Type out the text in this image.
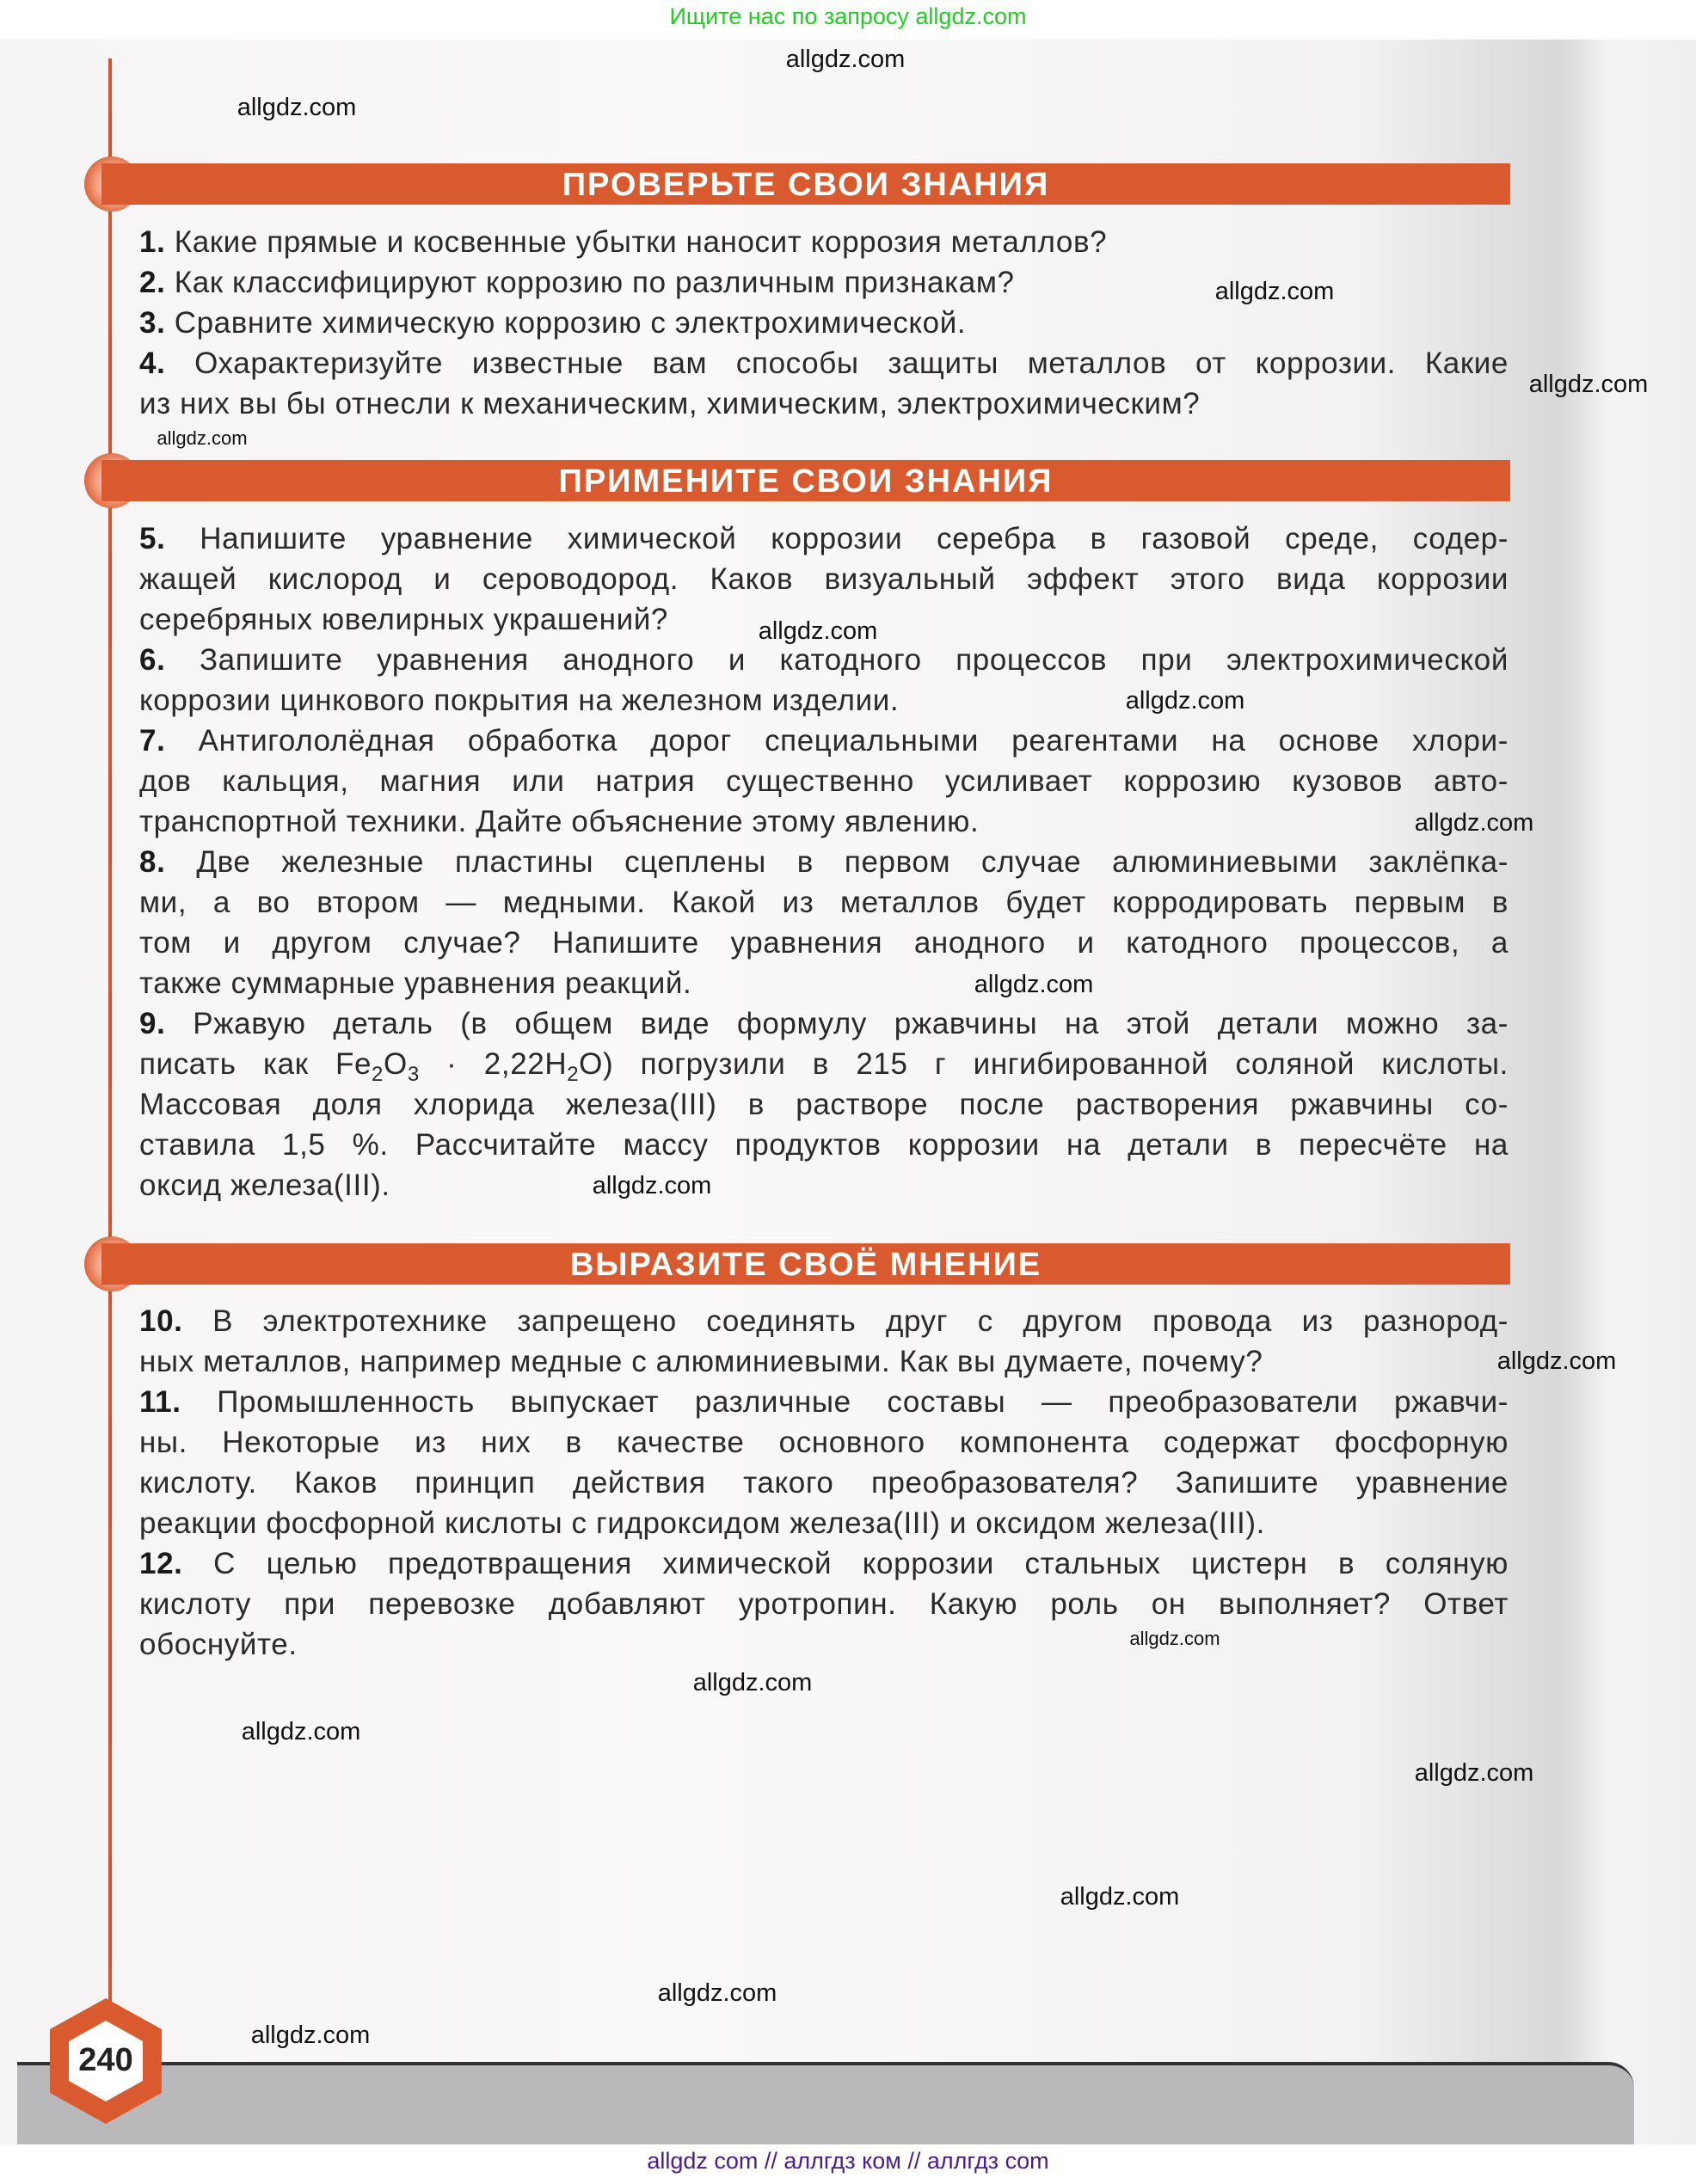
Ищите нас по запросу allgdz.com
ПРОВЕРЬТЕ СВОИ ЗНАНИЯ
1. Какие прямые и косвенные убытки наносит коррозия металлов?
2. Как классифицируют коррозию по различным признакам?
3. Сравните химическую коррозию с электрохимической.
4. Охарактеризуйте известные вам способы защиты металлов от коррозии. Какие
из них вы бы отнесли к механическим, химическим, электрохимическим?
ПРИМЕНИТЕ СВОИ ЗНАНИЯ
5. Напишите уравнение химической коррозии серебра в газовой среде, содер-
жащей кислород и сероводород. Каков визуальный эффект этого вида коррозии
серебряных ювелирных украшений?
6. Запишите уравнения анодного и катодного процессов при электрохимической
коррозии цинкового покрытия на железном изделии.
7. Антигололёдная обработка дорог специальными реагентами на основе хлори-
дов кальция, магния или натрия существенно усиливает коррозию кузовов авто-
транспортной техники. Дайте объяснение этому явлению.
8. Две железные пластины сцеплены в первом случае алюминиевыми заклёпка-
ми, а во втором — медными. Какой из металлов будет корродировать первым в
том и другом случае? Напишите уравнения анодного и катодного процессов, а
также суммарные уравнения реакций.
9. Ржавую деталь (в общем виде формулу ржавчины на этой детали можно за-
писать как $Fe_2O_3 \cdot 2,22H_2O$) погрузили в 215 г ингибированной соляной кислоты.
Массовая доля хлорида железа(III) в растворе после растворения ржавчины со-
ставила 1,5 %. Рассчитайте массу продуктов коррозии на детали в пересчёте на
оксид железа(III).
ВЫРАЗИТЕ СВОЁ МНЕНИЕ
10. В электротехнике запрещено соединять друг с другом провода из разнород-
ных металлов, например медные с алюминиевыми. Как вы думаете, почему?
11. Промышленность выпускает различные составы — преобразователи ржавчи-
ны. Некоторые из них в качестве основного компонента содержат фосфорную
кислоту. Каков принцип действия такого преобразователя? Запишите уравнение
реакции фосфорной кислоты с гидроксидом железа(III) и оксидом железа(III).
12. С целью предотвращения химической коррозии стальных цистерн в соляную
кислоту при перевозке добавляют уротропин. Какую роль он выполняет? Ответ
обоснуйте.
240
allgdz.com
allgdz.com
allgdz.com
allgdz.com
allgdz.com
allgdz.com
allgdz.com
allgdz.com
allgdz.com
allgdz.com
allgdz.com
allgdz.com
allgdz.com
allgdz.com
allgdz.com
allgdz.com
allgdz.com
allgdz.com
allgdz com // аллгдз ком // аллгдз com
